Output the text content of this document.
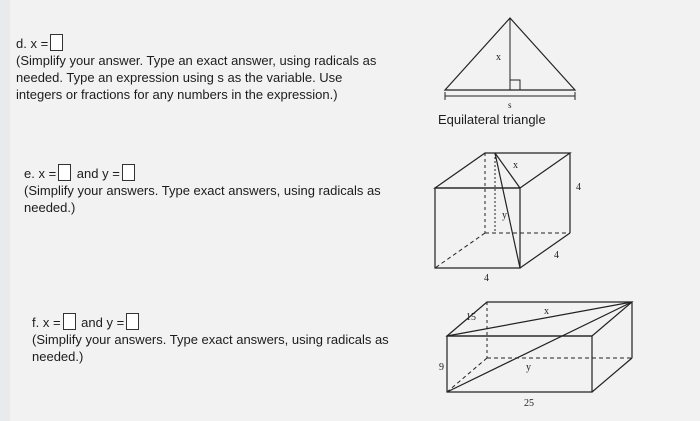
d. x =
(Simplify your answer. Type an exact answer, using radicals as
needed. Type an expression using s as the variable. Use
integers or fractions for any numbers in the expression.)
e. x = and y =
(Simplify your answers. Type exact answers, using radicals as
needed.)
f. x = and y =
(Simplify your answers. Type exact answers, using radicals as
needed.)
x
s
Equilateral triangle
x
y
4
4
4
15
x
9	y
25
